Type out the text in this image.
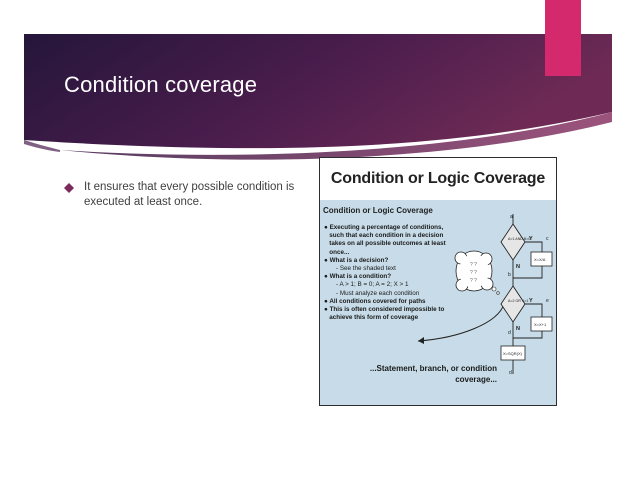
Condition coverage
It ensures that every possible condition is executed at least once.
Condition or Logic Coverage
Condition or Logic Coverage
● Executing a percentage of conditions,
such that each condition in a decision
takes on all possible outcomes at least
once...
● What is a decision?
- See the shaded text
● What is a condition?
- A > 1; B = 0; A = 2; X > 1
- Must analyze each condition
● All conditions covered for paths
● This is often considered impossible to
achieve this form of coverage
...Statement, branch, or condition
coverage...
? ?
? ?
? ?
A>1 AND B=0
A=2 OR X>1
X=X/A
X=X+1
X=SQR(X)
a
b
c
d
e
d
Y
N
Y
N
